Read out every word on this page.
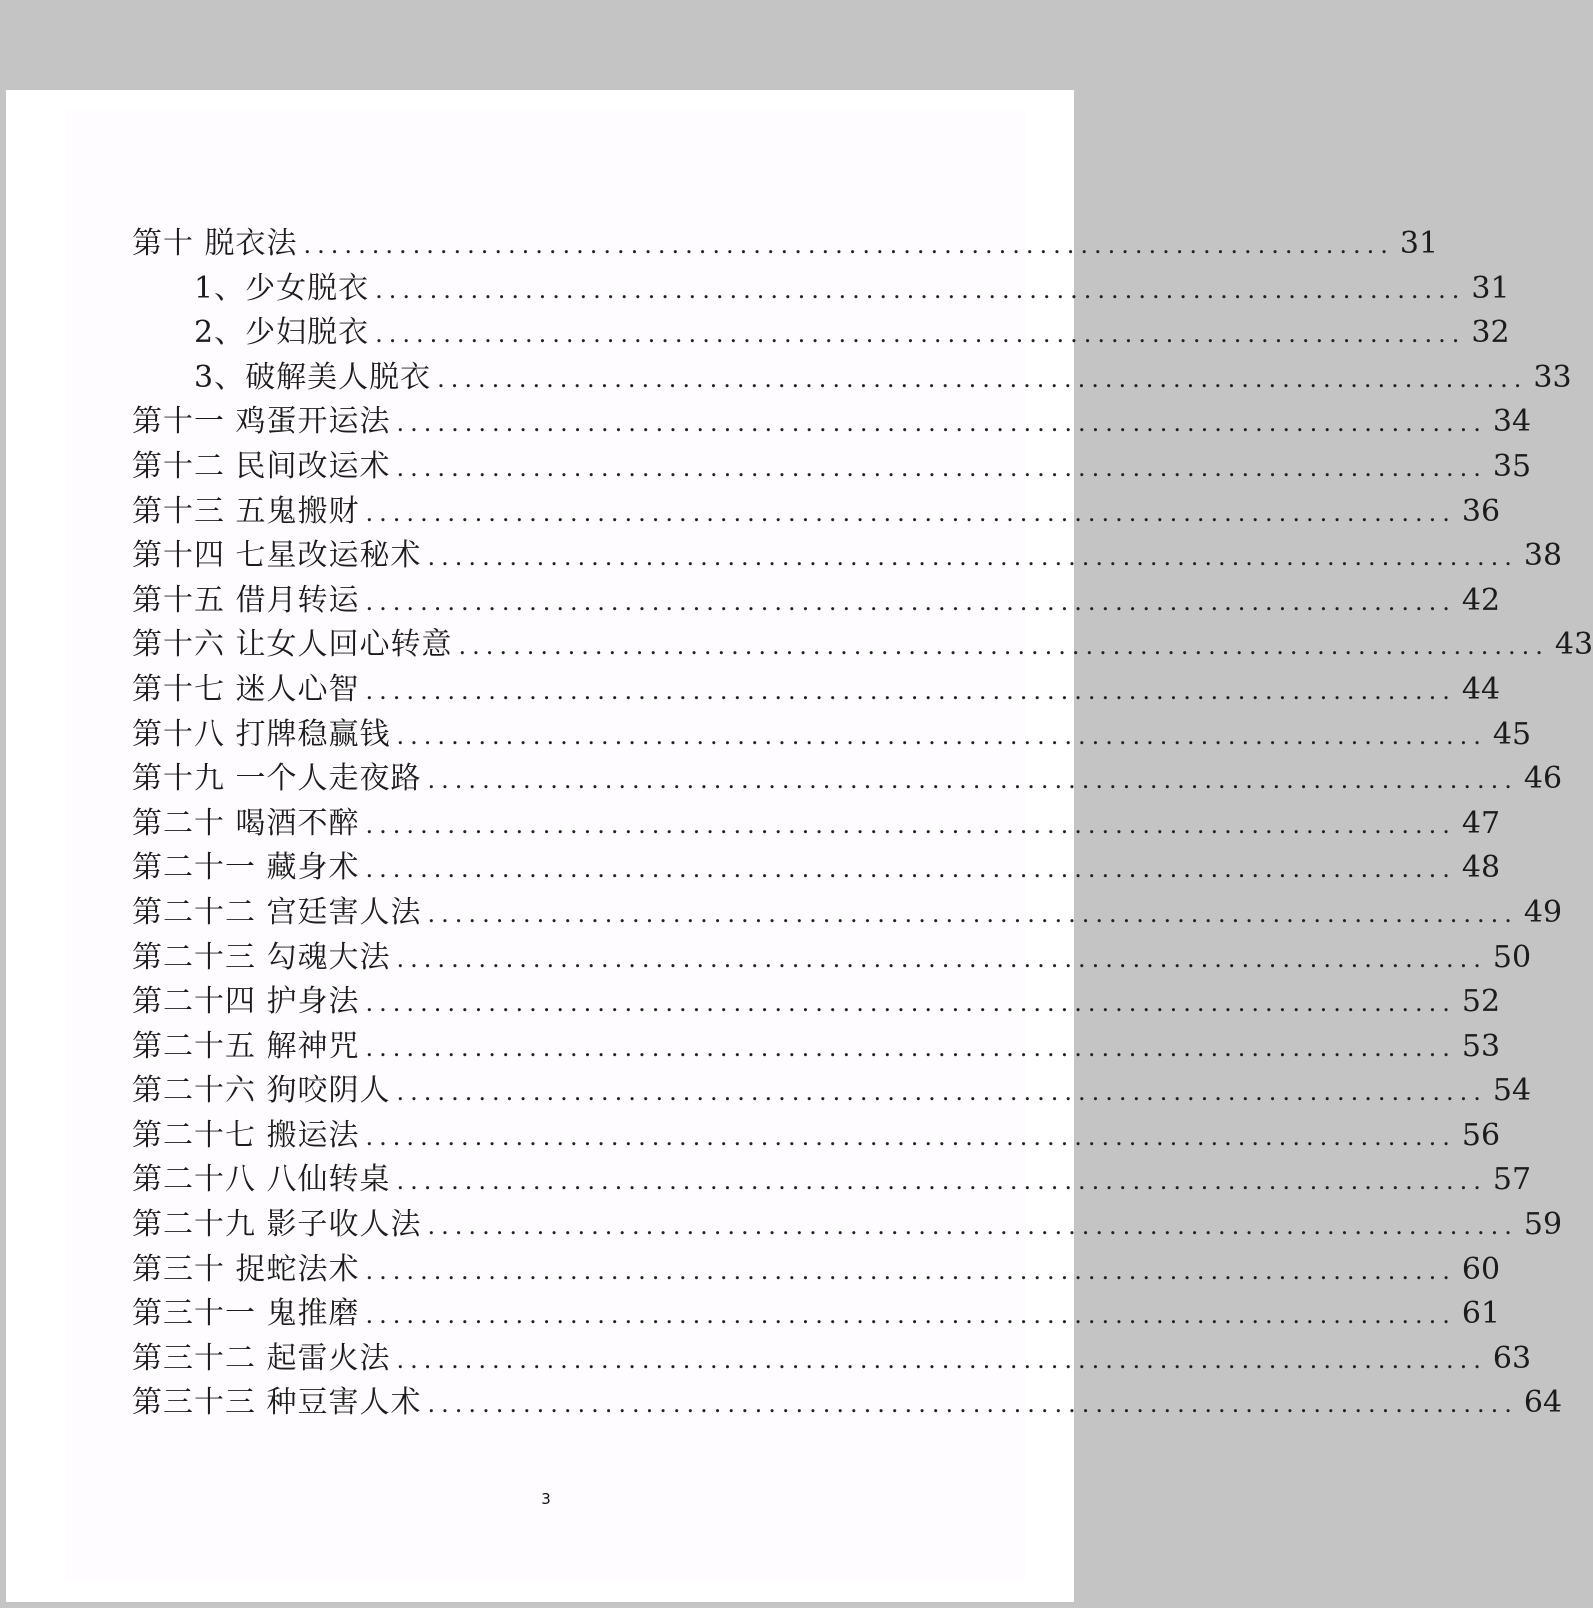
第十 脱衣法 ................................................................................ 31
1、少女脱衣 ................................................................................ 31
2、少妇脱衣 ................................................................................ 32
3、破解美人脱衣 ................................................................................ 33
第十一 鸡蛋开运法 ................................................................................ 34
第十二 民间改运术 ................................................................................ 35
第十三 五鬼搬财 ................................................................................ 36
第十四 七星改运秘术 ................................................................................ 38
第十五 借月转运 ................................................................................ 42
第十六 让女人回心转意 ................................................................................ 43
第十七 迷人心智 ................................................................................ 44
第十八 打牌稳赢钱 ................................................................................ 45
第十九 一个人走夜路 ................................................................................ 46
第二十 喝酒不醉 ................................................................................ 47
第二十一 藏身术 ................................................................................ 48
第二十二 宫廷害人法 ................................................................................ 49
第二十三 勾魂大法 ................................................................................ 50
第二十四 护身法 ................................................................................ 52
第二十五 解神咒 ................................................................................ 53
第二十六 狗咬阴人 ................................................................................ 54
第二十七 搬运法 ................................................................................ 56
第二十八 八仙转桌 ................................................................................ 57
第二十九 影子收人法 ................................................................................ 59
第三十 捉蛇法术 ................................................................................ 60
第三十一 鬼推磨 ................................................................................ 61
第三十二 起雷火法 ................................................................................ 63
第三十三 种豆害人术 ................................................................................ 64
3
